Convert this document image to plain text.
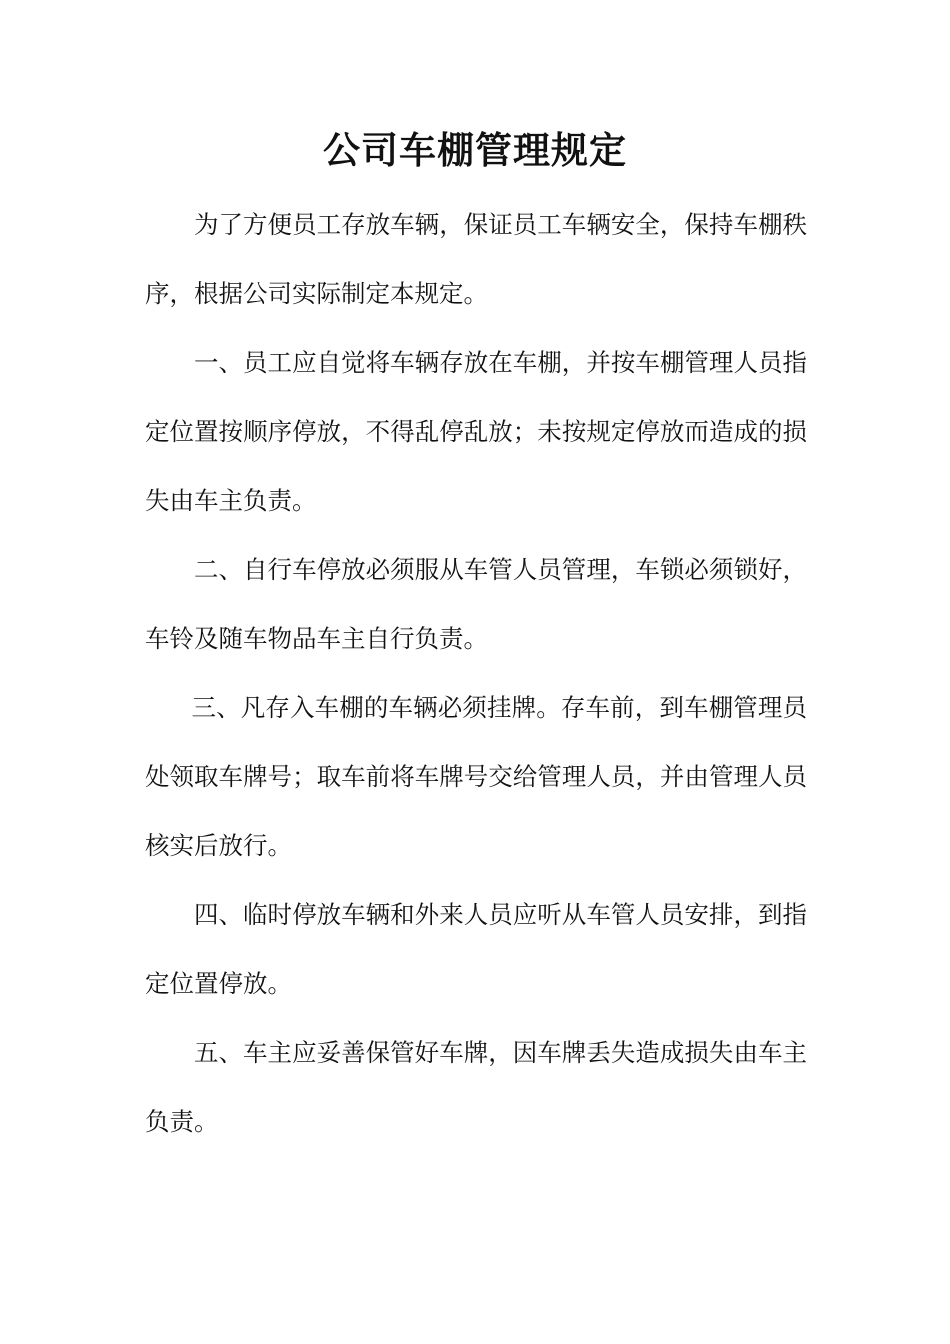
公司车棚管理规定

为了方便员工存放车辆，保证员工车辆安全，保持车棚秩序，根据公司实际制定本规定。

一、员工应自觉将车辆存放在车棚，并按车棚管理人员指定位置按顺序停放，不得乱停乱放；未按规定停放而造成的损失由车主负责。

二、自行车停放必须服从车管人员管理，车锁必须锁好，车铃及随车物品车主自行负责。

三、凡存入车棚的车辆必须挂牌。存车前，到车棚管理员处领取车牌号；取车前将车牌号交给管理人员，并由管理人员核实后放行。

四、临时停放车辆和外来人员应听从车管人员安排，到指定位置停放。

五、车主应妥善保管好车牌，因车牌丢失造成损失由车主负责。
